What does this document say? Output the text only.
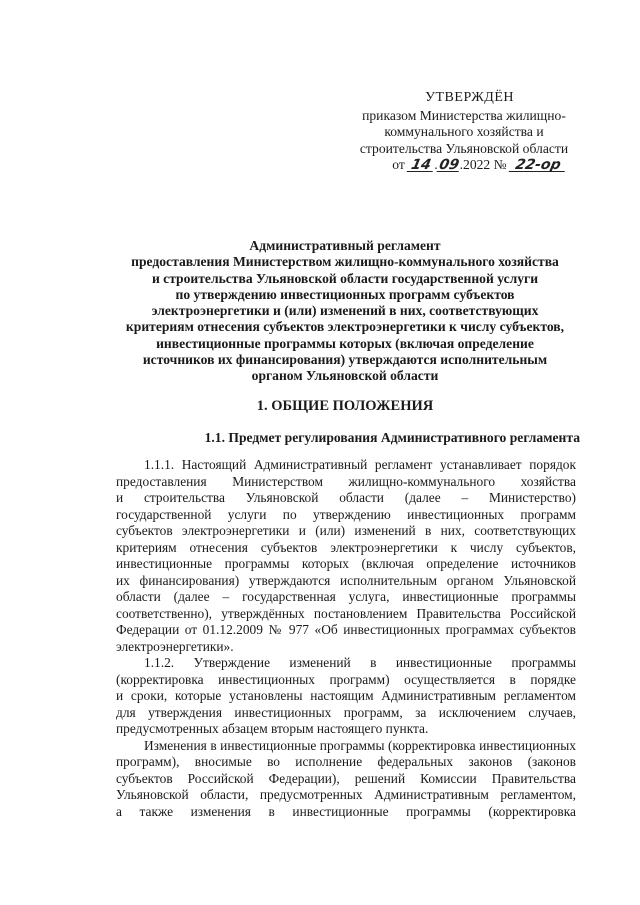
УТВЕРЖДЁН
приказом Министерства жилищно-
коммунального хозяйства и
строительства Ульяновской области
от 14.09.2022 № 22-ор
Административный регламент
предоставления Министерством жилищно-коммунального хозяйства
и строительства Ульяновской области государственной услуги
по утверждению инвестиционных программ субъектов
электроэнергетики и (или) изменений в них, соответствующих
критериям отнесения субъектов электроэнергетики к числу субъектов,
инвестиционные программы которых (включая определение
источников их финансирования) утверждаются исполнительным
органом Ульяновской области
1. ОБЩИЕ ПОЛОЖЕНИЯ
1.1. Предмет регулирования Административного регламента
1.1.1. Настоящий Административный регламент устанавливает порядок
предоставления Министерством жилищно-коммунального хозяйства
и строительства Ульяновской области (далее – Министерство)
государственной услуги по утверждению инвестиционных программ
субъектов электроэнергетики и (или) изменений в них, соответствующих
критериям отнесения субъектов электроэнергетики к числу субъектов,
инвестиционные программы которых (включая определение источников
их финансирования) утверждаются исполнительным органом Ульяновской
области (далее – государственная услуга, инвестиционные программы
соответственно), утверждённых постановлением Правительства Российской
Федерации от 01.12.2009 № 977 «Об инвестиционных программах субъектов
электроэнергетики».
1.1.2. Утверждение изменений в инвестиционные программы
(корректировка инвестиционных программ) осуществляется в порядке
и сроки, которые установлены настоящим Административным регламентом
для утверждения инвестиционных программ, за исключением случаев,
предусмотренных абзацем вторым настоящего пункта.
Изменения в инвестиционные программы (корректировка инвестиционных
программ), вносимые во исполнение федеральных законов (законов
субъектов Российской Федерации), решений Комиссии Правительства
Ульяновской области, предусмотренных Административным регламентом,
а также изменения в инвестиционные программы (корректировка
